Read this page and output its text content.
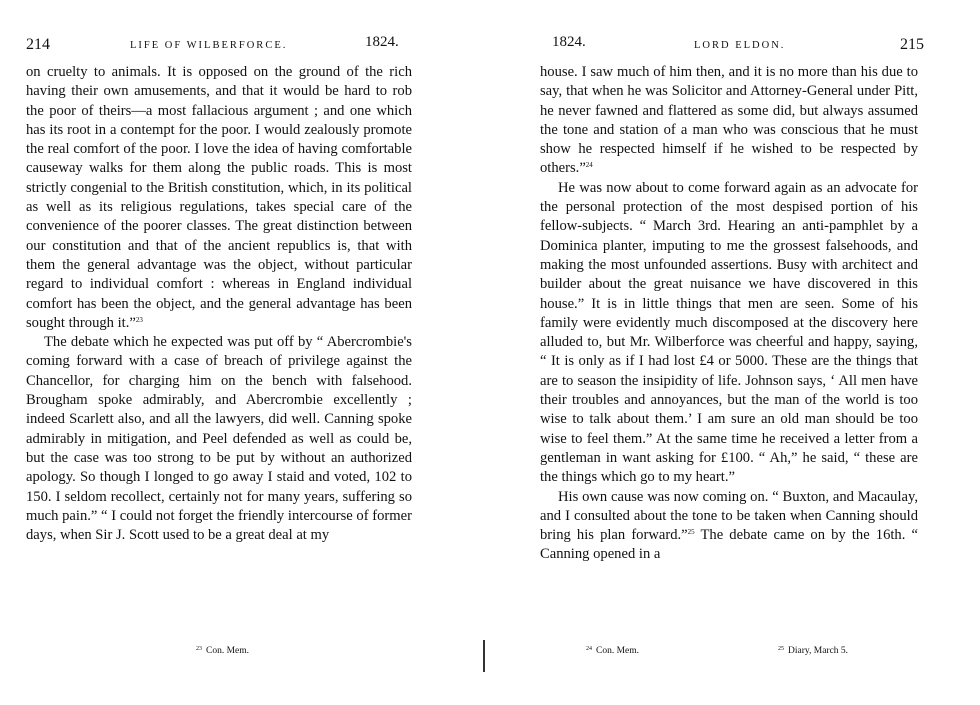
214	LIFE OF WILBERFORCE.	1824.

on cruelty to animals. It is opposed on the ground of the rich having their own amusements, and that it would be hard to rob the poor of theirs—a most fallacious argument ; and one which has its root in a contempt for the poor. I would zealously promote the real comfort of the poor. I love the idea of having comfortable causeway walks for them along the public roads. This is most strictly congenial to the British constitution, which, in its political as well as its religious regulations, takes special care of the convenience of the poorer classes. The great distinction between our constitution and that of the ancient republics is, that with them the general advantage was the object, without particular regard to individual comfort : whereas in England individual comfort has been the object, and the general advantage has been sought through it.”$^{23}$

The debate which he expected was put off by “ Abercrombie's coming forward with a case of breach of privilege against the Chancellor, for charging him on the bench with falsehood. Brougham spoke admirably, and Abercrombie excellently ; indeed Scarlett also, and all the lawyers, did well. Canning spoke admirably in mitigation, and Peel defended as well as could be, but the case was too strong to be put by without an authorized apology. So though I longed to go away I staid and voted, 102 to 150. I seldom recollect, certainly not for many years, suffering so much pain.” “ I could not forget the friendly intercourse of former days, when Sir J. Scott used to be a great deal at my

$^{23}$ Con. Mem.
1824.	LORD ELDON.	215

house. I saw much of him then, and it is no more than his due to say, that when he was Solicitor and Attorney-General under Pitt, he never fawned and flattered as some did, but always assumed the tone and station of a man who was conscious that he must show he respected himself if he wished to be respected by others.”$^{24}$

He was now about to come forward again as an advocate for the personal protection of the most despised portion of his fellow-subjects. “ March 3rd. Hearing an anti-pamphlet by a Dominica planter, imputing to me the grossest falsehoods, and making the most unfounded assertions. Busy with architect and builder about the great nuisance we have discovered in this house.” It is in little things that men are seen. Some of his family were evidently much discomposed at the discovery here alluded to, but Mr. Wilberforce was cheerful and happy, saying, “ It is only as if I had lost £4 or 5000. These are the things that are to season the insipidity of life. Johnson says, ‘ All men have their troubles and annoyances, but the man of the world is too wise to talk about them.’ I am sure an old man should be too wise to feel them.” At the same time he received a letter from a gentleman in want asking for £100. “ Ah,” he said, “ these are the things which go to my heart.”

His own cause was now coming on. “ Buxton, and Macaulay, and I consulted about the tone to be taken when Canning should bring his plan forward.”$^{25}$ The debate came on by the 16th. “ Canning opened in a

$^{24}$ Con. Mem.	$^{25}$ Diary, March 5.
